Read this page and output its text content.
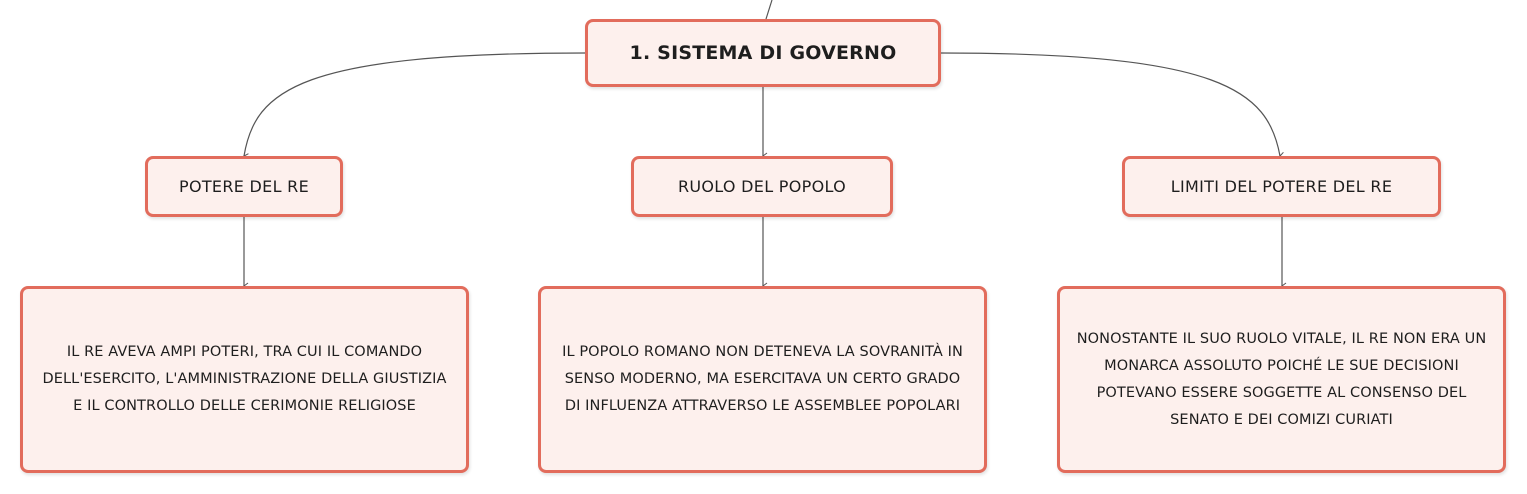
1. SISTEMA DI GOVERNO
POTERE DEL RE	RUOLO DEL POPOLO	LIMITI DEL POTERE DEL RE
IL RE AVEVA AMPI POTERI, TRA CUI IL COMANDO DELL'ESERCITO, L'AMMINISTRAZIONE DELLA GIUSTIZIA E IL CONTROLLO DELLE CERIMONIE RELIGIOSE
IL POPOLO ROMANO NON DETENEVA LA SOVRANITÀ IN SENSO MODERNO, MA ESERCITAVA UN CERTO GRADO DI INFLUENZA ATTRAVERSO LE ASSEMBLEE POPOLARI
NONOSTANTE IL SUO RUOLO VITALE, IL RE NON ERA UN MONARCA ASSOLUTO POICHÉ LE SUE DECISIONI POTEVANO ESSERE SOGGETTE AL CONSENSO DEL SENATO E DEI COMIZI CURIATI
